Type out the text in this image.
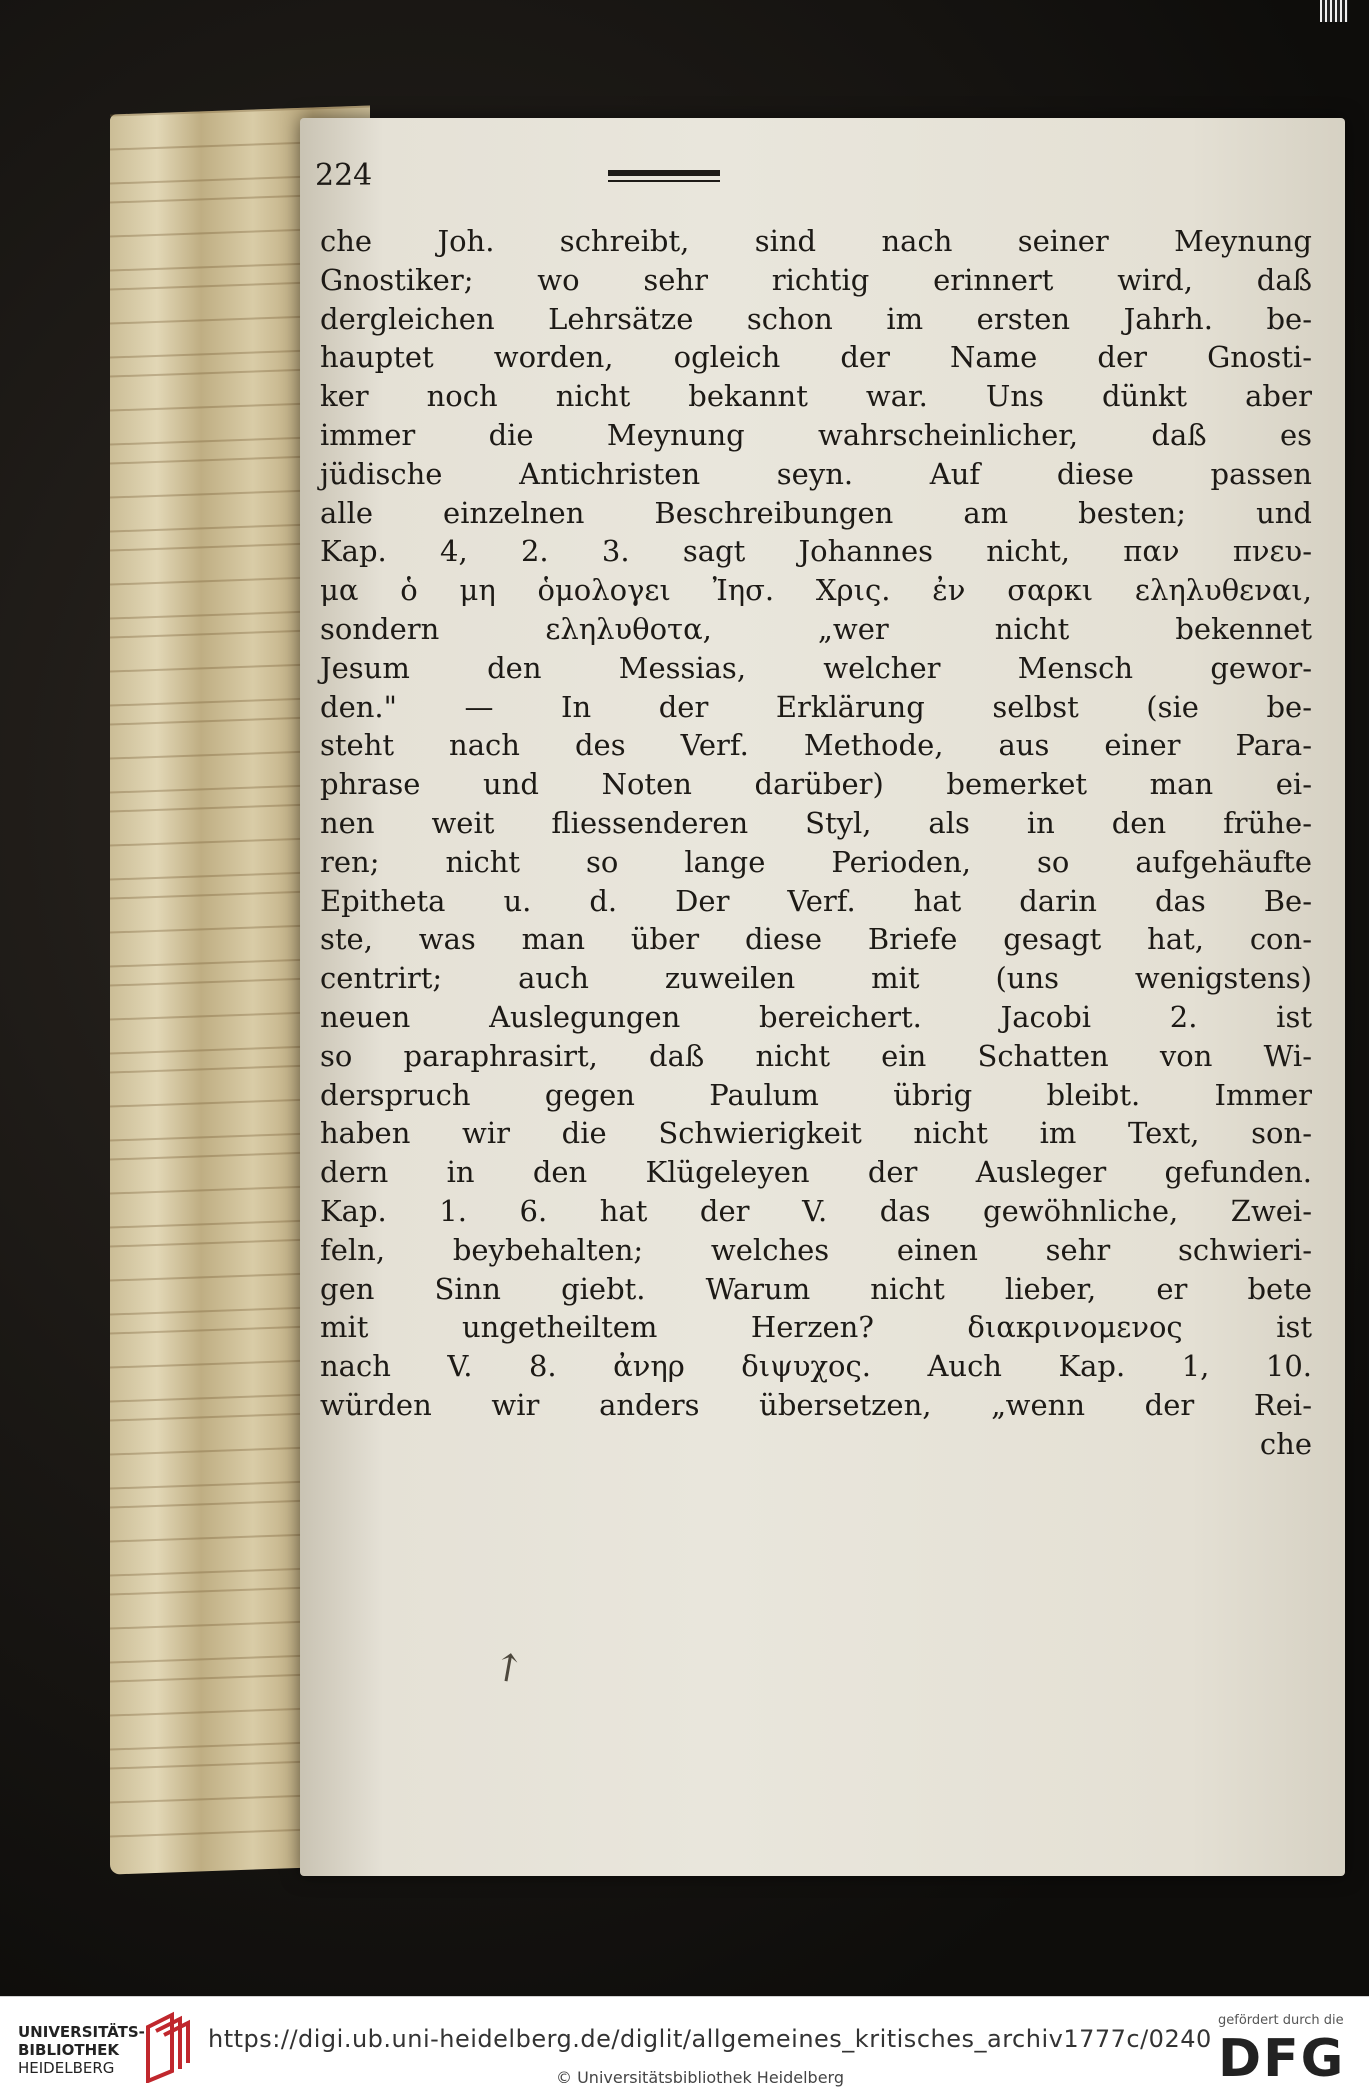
224
che Joh. schreibt, sind nach seiner Meynung
Gnostiker; wo sehr richtig erinnert wird, daß
dergleichen Lehrsätze schon im ersten Jahrh. be-
hauptet worden, ogleich der Name der Gnosti-
ker noch nicht bekannt war. Uns dünkt aber
immer die Meynung wahrscheinlicher, daß es
jüdische Antichristen seyn. Auf diese passen
alle einzelnen Beschreibungen am besten; und
Kap. 4, 2. 3. sagt Johannes nicht, παν πνευ-
μα ὁ μη ὁμολογει Ἰησ. Χρις. ἐν σαρκι εληλυθεναι,
sondern εληλυθοτα, „wer nicht bekennet
Jesum den Messias, welcher Mensch gewor-
den." — In der Erklärung selbst (sie be-
steht nach des Verf. Methode, aus einer Para-
phrase und Noten darüber) bemerket man ei-
nen weit fliessenderen Styl, als in den frühe-
ren; nicht so lange Perioden, so aufgehäufte
Epitheta u. d. Der Verf. hat darin das Be-
ste, was man über diese Briefe gesagt hat, con-
centrirt; auch zuweilen mit (uns wenigstens)
neuen Auslegungen bereichert. Jacobi 2. ist
so paraphrasirt, daß nicht ein Schatten von Wi-
derspruch gegen Paulum übrig bleibt. Immer
haben wir die Schwierigkeit nicht im Text, son-
dern in den Klügeleyen der Ausleger gefunden.
Kap. 1. 6. hat der V. das gewöhnliche, Zwei-
feln, beybehalten; welches einen sehr schwieri-
gen Sinn giebt. Warum nicht lieber, er bete
mit ungetheiltem Herzen? διακρινομενος ist
nach V. 8. ἀνηρ διψυχος. Auch Kap. 1, 10.
würden wir anders übersetzen, „wenn der Rei-
che
↗
UNIVERSITÄTS-
BIBLIOTHEK
HEIDELBERG
https://digi.ub.uni-heidelberg.de/diglit/allgemeines_kritisches_archiv1777c/0240
© Universitätsbibliothek Heidelberg
gefördert durch die
DFG
